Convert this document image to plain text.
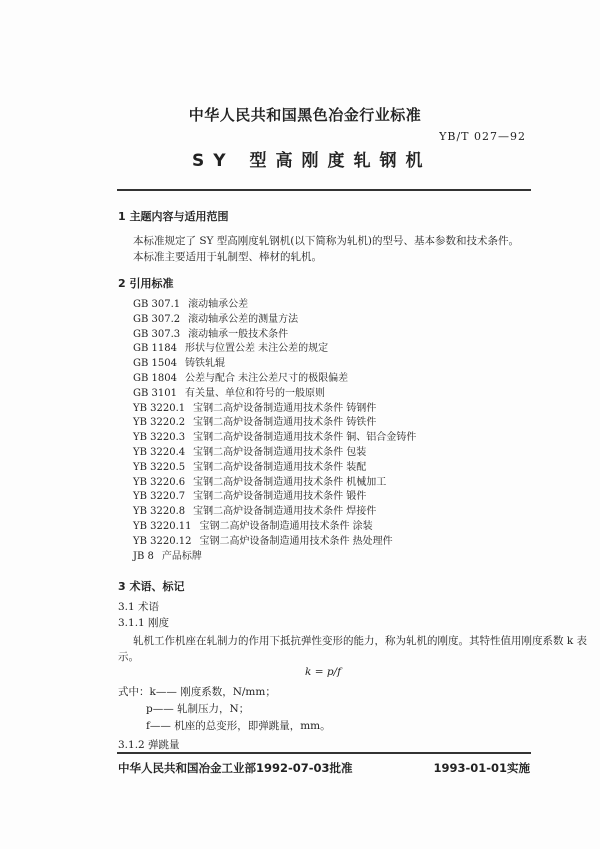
中华人民共和国黑色冶金行业标准
YB/T 027—92
SY 型高刚度轧钢机
1 主题内容与适用范围
本标准规定了 SY 型高刚度轧钢机(以下简称为轧机)的型号、基本参数和技术条件。
本标准主要适用于轧制型、棒材的轧机。
2 引用标准
GB 307.1 滚动轴承公差
GB 307.2 滚动轴承公差的测量方法
GB 307.3 滚动轴承一般技术条件
GB 1184 形状与位置公差 未注公差的规定
GB 1504 铸铁轧辊
GB 1804 公差与配合 未注公差尺寸的极限偏差
GB 3101 有关量、单位和符号的一般原则
YB 3220.1 宝钢二高炉设备制造通用技术条件 铸钢件
YB 3220.2 宝钢二高炉设备制造通用技术条件 铸铁件
YB 3220.3 宝钢二高炉设备制造通用技术条件 铜、铝合金铸件
YB 3220.4 宝钢二高炉设备制造通用技术条件 包装
YB 3220.5 宝钢二高炉设备制造通用技术条件 装配
YB 3220.6 宝钢二高炉设备制造通用技术条件 机械加工
YB 3220.7 宝钢二高炉设备制造通用技术条件 锻件
YB 3220.8 宝钢二高炉设备制造通用技术条件 焊接件
YB 3220.11 宝钢二高炉设备制造通用技术条件 涂装
YB 3220.12 宝钢二高炉设备制造通用技术条件 热处理件
JB 8 产品标牌
3 术语、标记
3.1 术语
3.1.1 刚度
轧机工作机座在轧制力的作用下抵抗弹性变形的能力，称为轧机的刚度。其特性值用刚度系数 k 表
示。
k = p/f
式中：k—— 刚度系数，N/mm；
p—— 轧制压力，N；
f—— 机座的总变形，即弹跳量，mm。
3.1.2 弹跳量
中华人民共和国冶金工业部1992-07-03批准	1993-01-01实施
